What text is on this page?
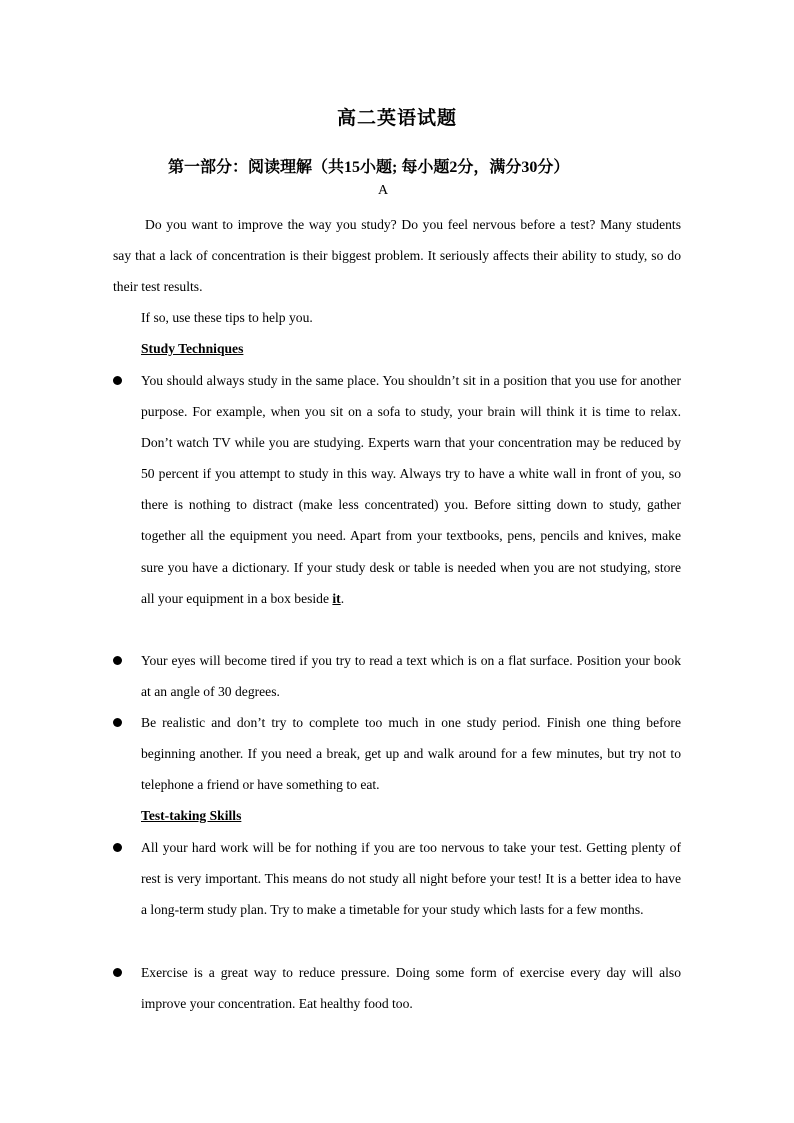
高二英语试题
第一部分：阅读理解（共15小题; 每小题2分，满分30分）
A
Do you want to improve the way you study? Do you feel nervous before a test? Many students say that a lack of concentration is their biggest problem. It seriously affects their ability to study, so do their test results.
If so, use these tips to help you.
Study Techniques
You should always study in the same place. You shouldn’t sit in a position that you use for another purpose. For example, when you sit on a sofa to study, your brain will think it is time to relax. Don’t watch TV while you are studying. Experts warn that your concentration may be reduced by 50 percent if you attempt to study in this way. Always try to have a white wall in front of you, so there is nothing to distract (make less concentrated) you. Before sitting down to study, gather together all the equipment you need. Apart from your textbooks, pens, pencils and knives, make sure you have a dictionary. If your study desk or table is needed when you are not studying, store all your equipment in a box beside it.
Your eyes will become tired if you try to read a text which is on a flat surface. Position your book at an angle of 30 degrees.
Be realistic and don’t try to complete too much in one study period. Finish one thing before beginning another. If you need a break, get up and walk around for a few minutes, but try not to telephone a friend or have something to eat.
Test-taking Skills
All your hard work will be for nothing if you are too nervous to take your test. Getting plenty of rest is very important. This means do not study all night before your test! It is a better idea to have a long-term study plan. Try to make a timetable for your study which lasts for a few months.
Exercise is a great way to reduce pressure. Doing some form of exercise every day will also improve your concentration. Eat healthy food too.
